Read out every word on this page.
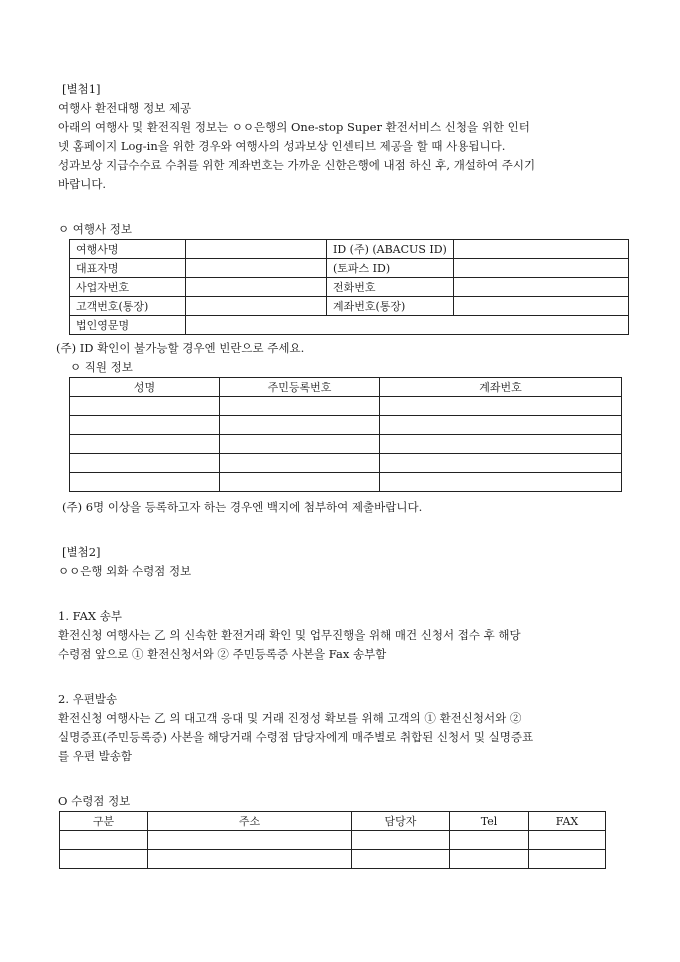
[별첨1]
여행사 환전대행 정보 제공
아래의 여행사 및 환전직원 정보는 ㅇㅇ은행의 One-stop Super 환전서비스 신청을 위한 인터
넷 홈페이지 Log-in을 위한 경우와 여행사의 성과보상 인센티브 제공을 할 때 사용됩니다.
성과보상 지급수수료 수취를 위한 계좌번호는 가까운 신한은행에 내점 하신 후, 개설하여 주시기
바랍니다.
ㅇ 여행사 정보
여행사명		ID (주) (ABACUS ID)	
대표자명		(토파스 ID)	
사업자번호		전화번호	
고객번호(통장)		계좌번호(통장)	
법인영문명			
(주) ID 확인이 불가능할 경우엔 빈란으로 주세요.
ㅇ 직원 정보
성명	주민등록번호	계좌번호

(주) 6명 이상을 등록하고자 하는 경우엔 백지에 첨부하여 제출바랍니다.
[별첨2]
ㅇㅇ은행 외화 수령점 정보
1. FAX 송부
환전신청 여행사는 乙 의 신속한 환전거래 확인 및 업무진행을 위해 매건 신청서 접수 후 해당
수령점 앞으로 ① 환전신청서와 ② 주민등록증 사본을 Fax 송부함
2. 우편발송
환전신청 여행사는 乙 의 대고객 응대 및 거래 진정성 확보를 위해 고객의 ① 환전신청서와 ②
실명증표(주민등록증) 사본을 해당거래 수령점 담당자에게 매주별로 취합된 신청서 및 실명증표
를 우편 발송함
O 수령점 정보
구분	주소	담당자	Tel	FAX
